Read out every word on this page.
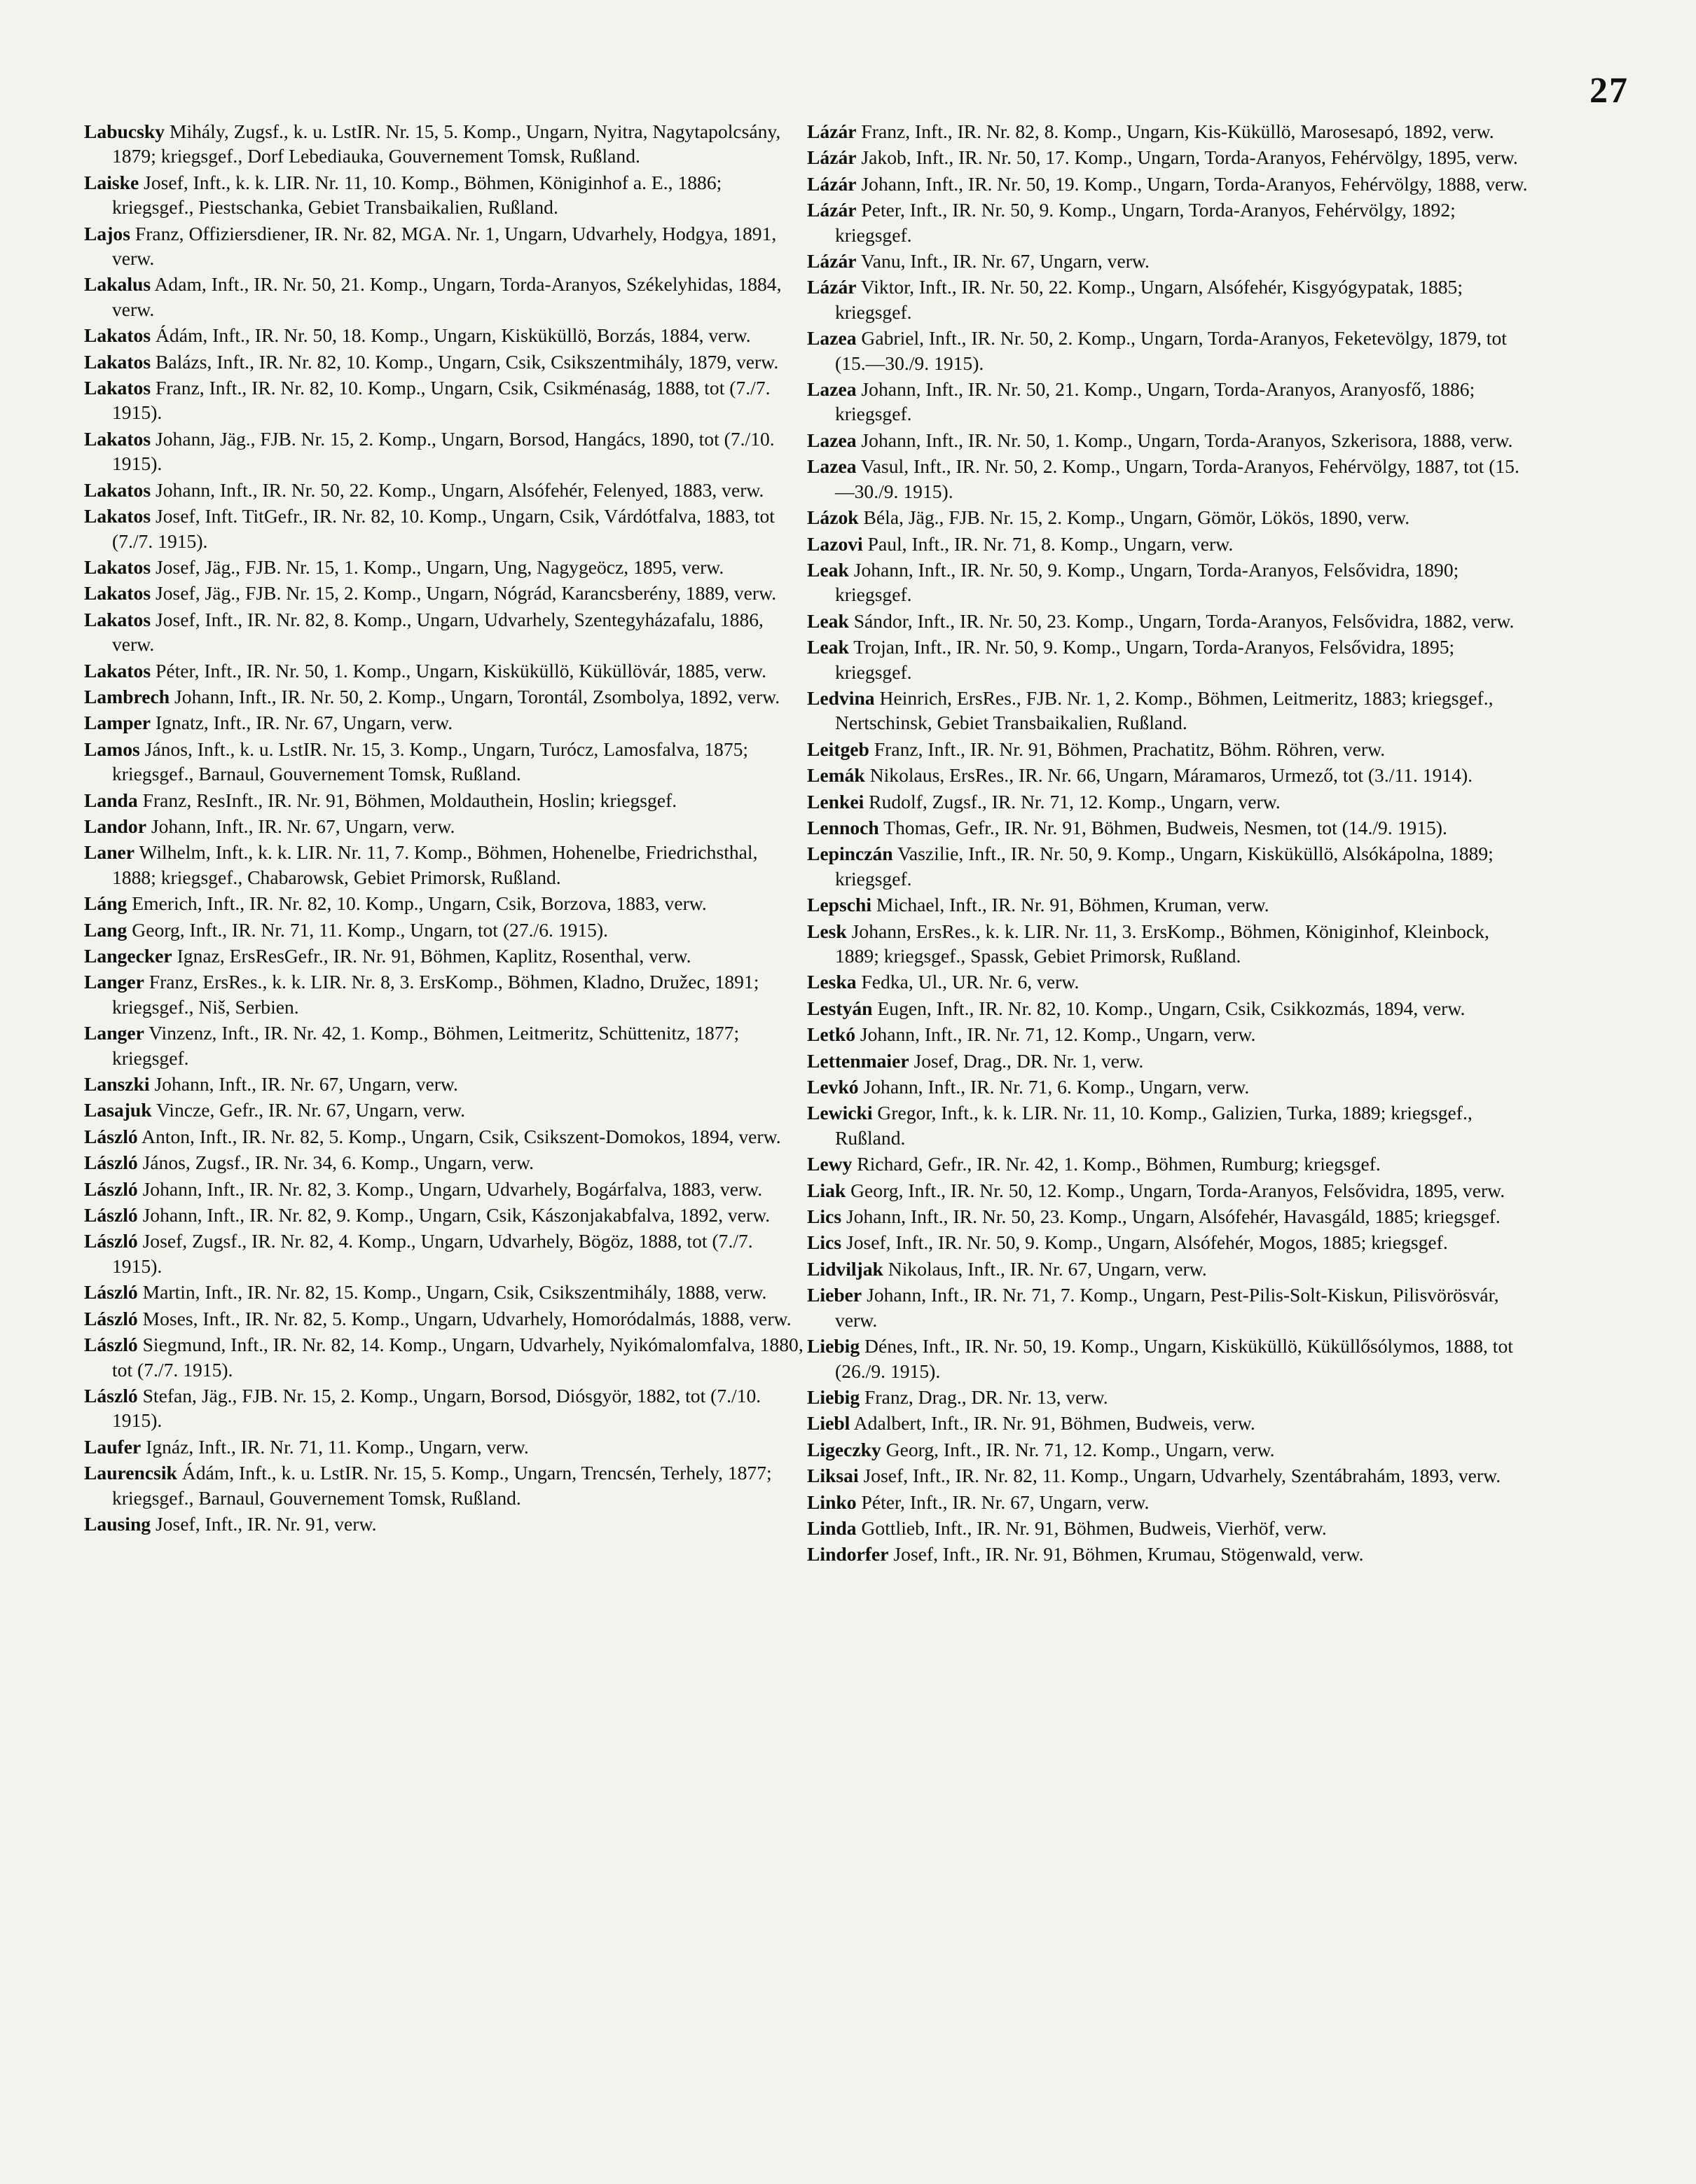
27

Labucsky Mihály, Zugsf., k. u. LstIR. Nr. 15, 5. Komp., Ungarn, Nyitra, Nagytapolcsány, 1879; kriegsgef., Dorf Lebediauka, Gouvernement Tomsk, Rußland.

Laiske Josef, Inft., k. k. LIR. Nr. 11, 10. Komp., Böhmen, Königinhof a. E., 1886; kriegsgef., Piestschanka, Gebiet Transbaikalien, Rußland.

Lajos Franz, Offiziersdiener, IR. Nr. 82, MGA. Nr. 1, Ungarn, Udvarhely, Hodgya, 1891, verw.

Lakalus Adam, Inft., IR. Nr. 50, 21. Komp., Ungarn, Torda-Aranyos, Székelyhidas, 1884, verw.

Lakatos Ádám, Inft., IR. Nr. 50, 18. Komp., Ungarn, Kisküküllö, Borzás, 1884, verw.

Lakatos Balázs, Inft., IR. Nr. 82, 10. Komp., Ungarn, Csik, Csikszentmihály, 1879, verw.

Lakatos Franz, Inft., IR. Nr. 82, 10. Komp., Ungarn, Csik, Csikménaság, 1888, tot (7./7. 1915).

Lakatos Johann, Jäg., FJB. Nr. 15, 2. Komp., Ungarn, Borsod, Hangács, 1890, tot (7./10. 1915).

Lakatos Johann, Inft., IR. Nr. 50, 22. Komp., Ungarn, Alsófehér, Felenyed, 1883, verw.

Lakatos Josef, Inft. TitGefr., IR. Nr. 82, 10. Komp., Ungarn, Csik, Várdótfalva, 1883, tot (7./7. 1915).

Lakatos Josef, Jäg., FJB. Nr. 15, 1. Komp., Ungarn, Ung, Nagygeöcz, 1895, verw.

Lakatos Josef, Jäg., FJB. Nr. 15, 2. Komp., Ungarn, Nógrád, Karancsberény, 1889, verw.

Lakatos Josef, Inft., IR. Nr. 82, 8. Komp., Ungarn, Udvarhely, Szentegyházafalu, 1886, verw.

Lakatos Péter, Inft., IR. Nr. 50, 1. Komp., Ungarn, Kisküküllö, Küküllövár, 1885, verw.

Lambrech Johann, Inft., IR. Nr. 50, 2. Komp., Ungarn, Torontál, Zsombolya, 1892, verw.

Lamper Ignatz, Inft., IR. Nr. 67, Ungarn, verw.

Lamos János, Inft., k. u. LstIR. Nr. 15, 3. Komp., Ungarn, Turócz, Lamosfalva, 1875; kriegsgef., Barnaul, Gouvernement Tomsk, Rußland.

Landa Franz, ResInft., IR. Nr. 91, Böhmen, Moldauthein, Hoslin; kriegsgef.

Landor Johann, Inft., IR. Nr. 67, Ungarn, verw.

Laner Wilhelm, Inft., k. k. LIR. Nr. 11, 7. Komp., Böhmen, Hohenelbe, Friedrichsthal, 1888; kriegsgef., Chabarowsk, Gebiet Primorsk, Rußland.

Láng Emerich, Inft., IR. Nr. 82, 10. Komp., Ungarn, Csik, Borzova, 1883, verw.

Lang Georg, Inft., IR. Nr. 71, 11. Komp., Ungarn, tot (27./6. 1915).

Langecker Ignaz, ErsResGefr., IR. Nr. 91, Böhmen, Kaplitz, Rosenthal, verw.

Langer Franz, ErsRes., k. k. LIR. Nr. 8, 3. ErsKomp., Böhmen, Kladno, Družec, 1891; kriegsgef., Niš, Serbien.

Langer Vinzenz, Inft., IR. Nr. 42, 1. Komp., Böhmen, Leitmeritz, Schüttenitz, 1877; kriegsgef.

Lanszki Johann, Inft., IR. Nr. 67, Ungarn, verw.

Lasajuk Vincze, Gefr., IR. Nr. 67, Ungarn, verw.

László Anton, Inft., IR. Nr. 82, 5. Komp., Ungarn, Csik, Csikszent-Domokos, 1894, verw.

László János, Zugsf., IR. Nr. 34, 6. Komp., Ungarn, verw.

László Johann, Inft., IR. Nr. 82, 3. Komp., Ungarn, Udvarhely, Bogárfalva, 1883, verw.

László Johann, Inft., IR. Nr. 82, 9. Komp., Ungarn, Csik, Kászonjakabfalva, 1892, verw.

László Josef, Zugsf., IR. Nr. 82, 4. Komp., Ungarn, Udvarhely, Bögöz, 1888, tot (7./7. 1915).

László Martin, Inft., IR. Nr. 82, 15. Komp., Ungarn, Csik, Csikszentmihály, 1888, verw.

László Moses, Inft., IR. Nr. 82, 5. Komp., Ungarn, Udvarhely, Homoródalmás, 1888, verw.

László Siegmund, Inft., IR. Nr. 82, 14. Komp., Ungarn, Udvarhely, Nyikómalomfalva, 1880, tot (7./7. 1915).

László Stefan, Jäg., FJB. Nr. 15, 2. Komp., Ungarn, Borsod, Diósgyör, 1882, tot (7./10. 1915).

Laufer Ignáz, Inft., IR. Nr. 71, 11. Komp., Ungarn, verw.

Laurencsik Ádám, Inft., k. u. LstIR. Nr. 15, 5. Komp., Ungarn, Trencsén, Terhely, 1877; kriegsgef., Barnaul, Gouvernement Tomsk, Rußland.

Lausing Josef, Inft., IR. Nr. 91, verw.

Lázár Franz, Inft., IR. Nr. 82, 8. Komp., Ungarn, Kis-Küküllö, Marosesapó, 1892, verw.

Lázár Jakob, Inft., IR. Nr. 50, 17. Komp., Ungarn, Torda-Aranyos, Fehérvölgy, 1895, verw.

Lázár Johann, Inft., IR. Nr. 50, 19. Komp., Ungarn, Torda-Aranyos, Fehérvölgy, 1888, verw.

Lázár Peter, Inft., IR. Nr. 50, 9. Komp., Ungarn, Torda-Aranyos, Fehérvölgy, 1892; kriegsgef.

Lázár Vanu, Inft., IR. Nr. 67, Ungarn, verw.

Lázár Viktor, Inft., IR. Nr. 50, 22. Komp., Ungarn, Alsófehér, Kisgyógypatak, 1885; kriegsgef.

Lazea Gabriel, Inft., IR. Nr. 50, 2. Komp., Ungarn, Torda-Aranyos, Feketevölgy, 1879, tot (15.—30./9. 1915).

Lazea Johann, Inft., IR. Nr. 50, 21. Komp., Ungarn, Torda-Aranyos, Aranyosfő, 1886; kriegsgef.

Lazea Johann, Inft., IR. Nr. 50, 1. Komp., Ungarn, Torda-Aranyos, Szkerisora, 1888, verw.

Lazea Vasul, Inft., IR. Nr. 50, 2. Komp., Ungarn, Torda-Aranyos, Fehérvölgy, 1887, tot (15.—30./9. 1915).

Lázok Béla, Jäg., FJB. Nr. 15, 2. Komp., Ungarn, Gömör, Lökös, 1890, verw.

Lazovi Paul, Inft., IR. Nr. 71, 8. Komp., Ungarn, verw.

Leak Johann, Inft., IR. Nr. 50, 9. Komp., Ungarn, Torda-Aranyos, Felsővidra, 1890; kriegsgef.

Leak Sándor, Inft., IR. Nr. 50, 23. Komp., Ungarn, Torda-Aranyos, Felsővidra, 1882, verw.

Leak Trojan, Inft., IR. Nr. 50, 9. Komp., Ungarn, Torda-Aranyos, Felsővidra, 1895; kriegsgef.

Ledvina Heinrich, ErsRes., FJB. Nr. 1, 2. Komp., Böhmen, Leitmeritz, 1883; kriegsgef., Nertschinsk, Gebiet Transbaikalien, Rußland.

Leitgeb Franz, Inft., IR. Nr. 91, Böhmen, Prachatitz, Böhm. Röhren, verw.

Lemák Nikolaus, ErsRes., IR. Nr. 66, Ungarn, Máramaros, Urmező, tot (3./11. 1914).

Lenkei Rudolf, Zugsf., IR. Nr. 71, 12. Komp., Ungarn, verw.

Lennoch Thomas, Gefr., IR. Nr. 91, Böhmen, Budweis, Nesmen, tot (14./9. 1915).

Lepinczán Vaszilie, Inft., IR. Nr. 50, 9. Komp., Ungarn, Kisküküllö, Alsókápolna, 1889; kriegsgef.

Lepschi Michael, Inft., IR. Nr. 91, Böhmen, Kruman, verw.

Lesk Johann, ErsRes., k. k. LIR. Nr. 11, 3. ErsKomp., Böhmen, Königinhof, Kleinbock, 1889; kriegsgef., Spassk, Gebiet Primorsk, Rußland.

Leska Fedka, Ul., UR. Nr. 6, verw.

Lestyán Eugen, Inft., IR. Nr. 82, 10. Komp., Ungarn, Csik, Csikkozmás, 1894, verw.

Letkó Johann, Inft., IR. Nr. 71, 12. Komp., Ungarn, verw.

Lettenmaier Josef, Drag., DR. Nr. 1, verw.

Levkó Johann, Inft., IR. Nr. 71, 6. Komp., Ungarn, verw.

Lewicki Gregor, Inft., k. k. LIR. Nr. 11, 10. Komp., Galizien, Turka, 1889; kriegsgef., Rußland.

Lewy Richard, Gefr., IR. Nr. 42, 1. Komp., Böhmen, Rumburg; kriegsgef.

Liak Georg, Inft., IR. Nr. 50, 12. Komp., Ungarn, Torda-Aranyos, Felsővidra, 1895, verw.

Lics Johann, Inft., IR. Nr. 50, 23. Komp., Ungarn, Alsófehér, Havasgáld, 1885; kriegsgef.

Lics Josef, Inft., IR. Nr. 50, 9. Komp., Ungarn, Alsófehér, Mogos, 1885; kriegsgef.

Lidviljak Nikolaus, Inft., IR. Nr. 67, Ungarn, verw.

Lieber Johann, Inft., IR. Nr. 71, 7. Komp., Ungarn, Pest-Pilis-Solt-Kiskun, Pilisvörösvár, verw.

Liebig Dénes, Inft., IR. Nr. 50, 19. Komp., Ungarn, Kisküküllö, Küküllősólymos, 1888, tot (26./9. 1915).

Liebig Franz, Drag., DR. Nr. 13, verw.

Liebl Adalbert, Inft., IR. Nr. 91, Böhmen, Budweis, verw.

Ligeczky Georg, Inft., IR. Nr. 71, 12. Komp., Ungarn, verw.

Liksai Josef, Inft., IR. Nr. 82, 11. Komp., Ungarn, Udvarhely, Szentábrahám, 1893, verw.

Linko Péter, Inft., IR. Nr. 67, Ungarn, verw.

Linda Gottlieb, Inft., IR. Nr. 91, Böhmen, Budweis, Vierhöf, verw.

Lindorfer Josef, Inft., IR. Nr. 91, Böhmen, Krumau, Stögenwald, verw.
